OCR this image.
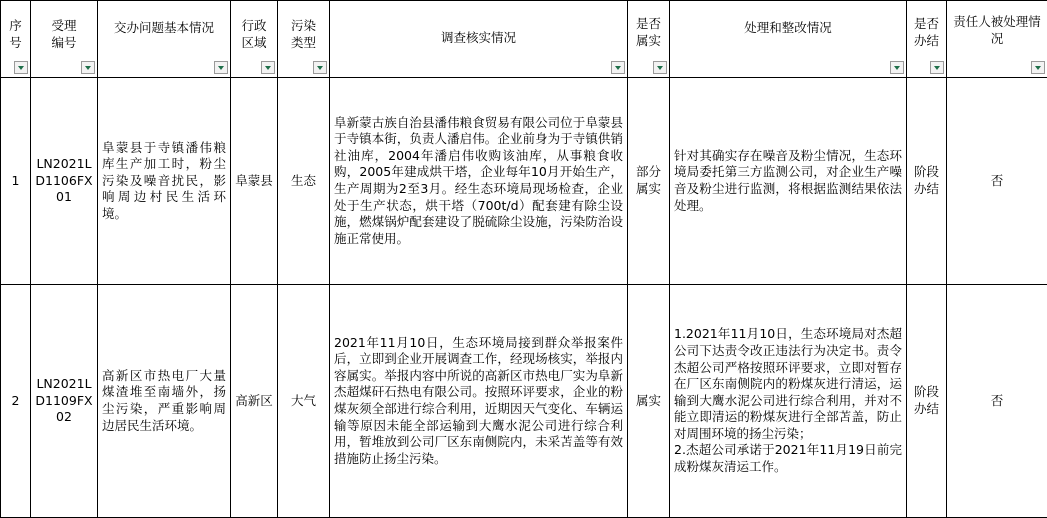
序号	受理编号	交办问题基本情况	行政区域	污染类型	调查核实情况	是否属实	处理和整改情况	是否办结	责任人被处理情况

1	LN2021LD1106FX01	阜蒙县于寺镇潘伟粮库生产加工时，粉尘污染及噪音扰民，影响周边村民生活环境。	阜蒙县	生态	阜新蒙古族自治县潘伟粮食贸易有限公司位于阜蒙县于寺镇本街，负责人潘启伟。企业前身为于寺镇供销社油库，2004年潘启伟收购该油库，从事粮食收购，2005年建成烘干塔，企业每年10月开始生产，生产周期为2至3月。经生态环境局现场检查，企业处于生产状态，烘干塔（700t/d）配套建有除尘设施，燃煤锅炉配套建设了脱硫除尘设施，污染防治设施正常使用。	部分属实	针对其确实存在噪音及粉尘情况，生态环境局委托第三方监测公司，对企业生产噪音及粉尘进行监测，将根据监测结果依法处理。	阶段办结	否
2	LN2021LD1109FX02	高新区市热电厂大量煤渣堆至南墙外，扬尘污染，严重影响周边居民生活环境。	高新区	大气	2021年11月10日，生态环境局接到群众举报案件后，立即到企业开展调查工作，经现场核实，举报内容属实。举报内容中所说的高新区市热电厂实为阜新杰超煤矸石热电有限公司。按照环评要求，企业的粉煤灰须全部进行综合利用，近期因天气变化、车辆运输等原因未能全部运输到大鹰水泥公司进行综合利用，暂堆放到公司厂区东南侧院内，未采苫盖等有效措施防止扬尘污染。	属实	1.2021年11月10日，生态环境局对杰超公司下达责令改正违法行为决定书。责令杰超公司严格按照环评要求，立即对暂存在厂区东南侧院内的粉煤灰进行清运，运输到大鹰水泥公司进行综合利用，并对不能立即清运的粉煤灰进行全部苫盖，防止对周围环境的扬尘污染；
2.杰超公司承诺于2021年11月19日前完成粉煤灰清运工作。	阶段办结	否
